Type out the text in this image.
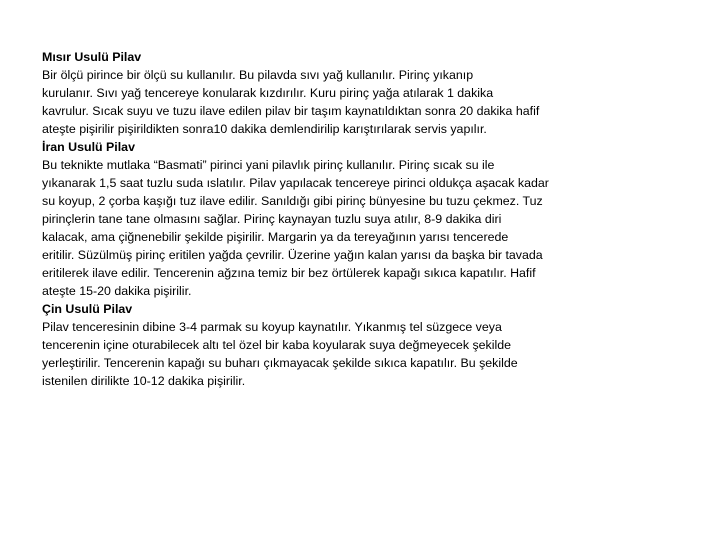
Mısır Usulü Pilav
Bir ölçü pirince bir ölçü su kullanılır. Bu pilavda sıvı yağ kullanılır. Pirinç yıkanıp
kurulanır. Sıvı yağ tencereye konularak kızdırılır. Kuru pirinç yağa atılarak 1 dakika
kavrulur. Sıcak suyu ve tuzu ilave edilen pilav bir taşım kaynatıldıktan sonra 20 dakika hafif
ateşte pişirilir pişirildikten sonra10 dakika demlendirilip karıştırılarak servis yapılır.
İran Usulü Pilav
Bu teknikte mutlaka “Basmati” pirinci yani pilavlık pirinç kullanılır. Pirinç sıcak su ile
yıkanarak 1,5 saat tuzlu suda ıslatılır. Pilav yapılacak tencereye pirinci oldukça aşacak kadar
su koyup, 2 çorba kaşığı tuz ilave edilir. Sanıldığı gibi pirinç bünyesine bu tuzu çekmez. Tuz
pirinçlerin tane tane olmasını sağlar. Pirinç kaynayan tuzlu suya atılır, 8-9 dakika diri
kalacak, ama çiğnenebilir şekilde pişirilir. Margarin ya da tereyağının yarısı tencerede
eritilir. Süzülmüş pirinç eritilen yağda çevrilir. Üzerine yağın kalan yarısı da başka bir tavada
eritilerek ilave edilir. Tencerenin ağzına temiz bir bez örtülerek kapağı sıkıca kapatılır. Hafif
ateşte 15-20 dakika pişirilir.
Çin Usulü Pilav
Pilav tenceresinin dibine 3-4 parmak su koyup kaynatılır. Yıkanmış tel süzgece veya
tencerenin içine oturabilecek altı tel özel bir kaba koyularak suya değmeyecek şekilde
yerleştirilir. Tencerenin kapağı su buharı çıkmayacak şekilde sıkıca kapatılır. Bu şekilde
istenilen dirilikte 10-12 dakika pişirilir.
